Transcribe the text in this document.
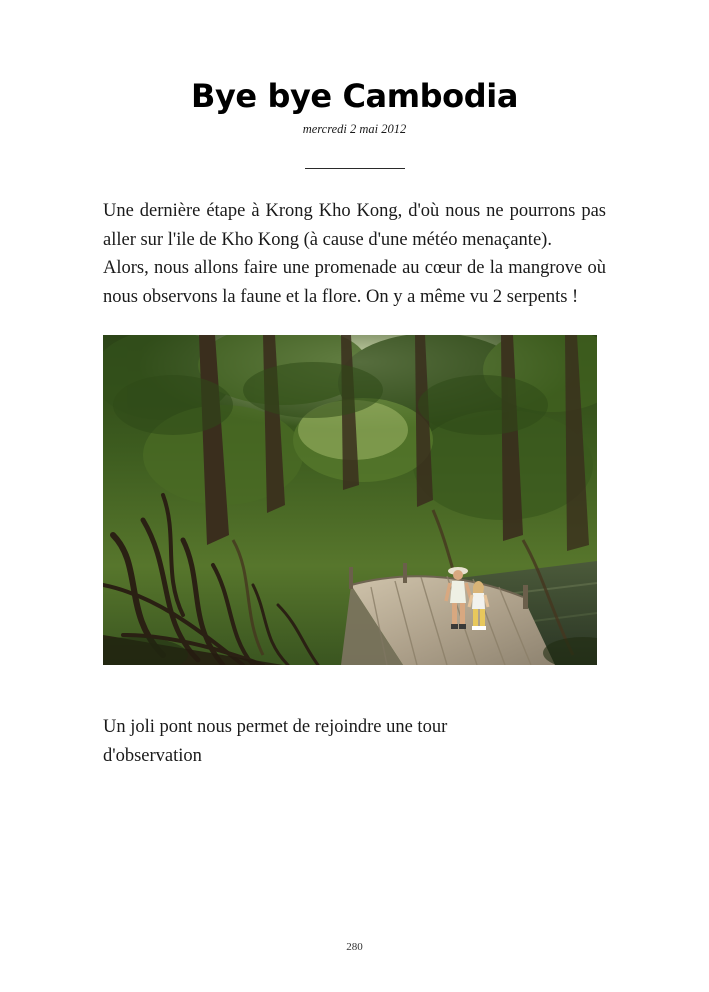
Bye bye Cambodia
mercredi 2 mai 2012

Une dernière étape à Krong Kho Kong, d'où nous ne pourrons pas aller sur l'ile de Kho Kong (à cause d'une météo menaçante).

Alors, nous allons faire une promenade au cœur de la mangrove où nous observons la faune et la flore. On y a même vu 2 serpents !

Un joli pont nous permet de rejoindre une tour
d'observation

280
